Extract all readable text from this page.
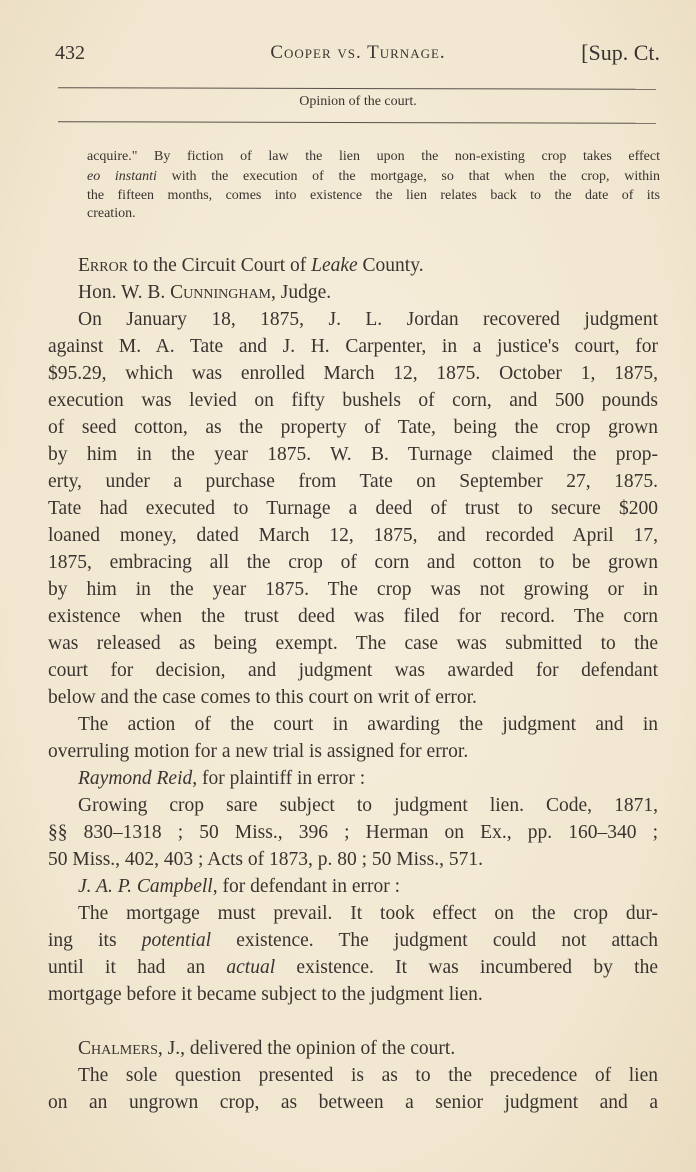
432	Cooper vs. Turnage.	[Sup. Ct.
Opinion of the court.
acquire." By fiction of law the lien upon the non-existing crop takes effect
eo instanti with the execution of the mortgage, so that when the crop, within
the fifteen months, comes into existence the lien relates back to the date of its
creation.
Error to the Circuit Court of Leake County.
Hon. W. B. Cunningham, Judge.
On January 18, 1875, J. L. Jordan recovered judgment
against M. A. Tate and J. H. Carpenter, in a justice's court, for
$95.29, which was enrolled March 12, 1875. October 1, 1875,
execution was levied on fifty bushels of corn, and 500 pounds
of seed cotton, as the property of Tate, being the crop grown
by him in the year 1875. W. B. Turnage claimed the prop-
erty, under a purchase from Tate on September 27, 1875.
Tate had executed to Turnage a deed of trust to secure $200
loaned money, dated March 12, 1875, and recorded April 17,
1875, embracing all the crop of corn and cotton to be grown
by him in the year 1875. The crop was not growing or in
existence when the trust deed was filed for record. The corn
was released as being exempt. The case was submitted to the
court for decision, and judgment was awarded for defendant
below and the case comes to this court on writ of error.
The action of the court in awarding the judgment and in
overruling motion for a new trial is assigned for error.
Raymond Reid, for plaintiff in error :
Growing crop sare subject to judgment lien. Code, 1871,
§§ 830–1318 ; 50 Miss., 396 ; Herman on Ex., pp. 160–340 ;
50 Miss., 402, 403 ; Acts of 1873, p. 80 ; 50 Miss., 571.
J. A. P. Campbell, for defendant in error :
The mortgage must prevail. It took effect on the crop dur-
ing its potential existence. The judgment could not attach
until it had an actual existence. It was incumbered by the
mortgage before it became subject to the judgment lien.
Chalmers, J., delivered the opinion of the court.
The sole question presented is as to the precedence of lien
on an ungrown crop, as between a senior judgment and a
